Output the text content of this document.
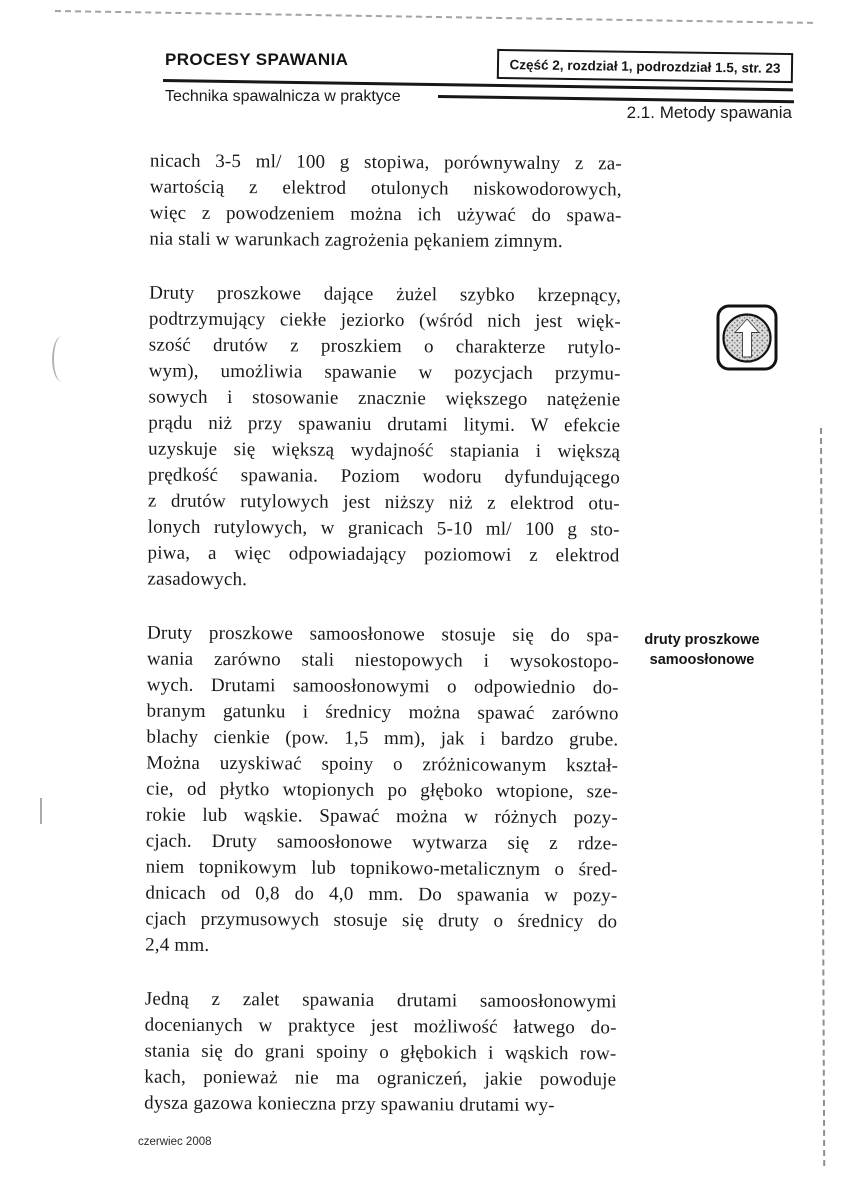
PROCESY SPAWANIA	Część 2, rozdział 1, podrozdział 1.5, str. 23
Technika spawalnicza w praktyce
2.1. Metody spawania
nicach 3-5 ml/ 100 g stopiwa, porównywalny z za-
wartością z elektrod otulonych niskowodorowych,
więc z powodzeniem można ich używać do spawa-
nia stali w warunkach zagrożenia pękaniem zimnym.
Druty proszkowe dające żużel szybko krzepnący,
podtrzymujący ciekłe jeziorko (wśród nich jest więk-
szość drutów z proszkiem o charakterze rutylo-
wym), umożliwia spawanie w pozycjach przymu-
sowych i stosowanie znacznie większego natężenie
prądu niż przy spawaniu drutami litymi. W efekcie
uzyskuje się większą wydajność stapiania i większą
prędkość spawania. Poziom wodoru dyfundującego
z drutów rutylowych jest niższy niż z elektrod otu-
lonych rutylowych, w granicach 5-10 ml/ 100 g sto-
piwa, a więc odpowiadający poziomowi z elektrod
zasadowych.
Druty proszkowe samoosłonowe stosuje się do spa-
wania zarówno stali niestopowych i wysokostopo-
wych. Drutami samoosłonowymi o odpowiednio do-
branym gatunku i średnicy można spawać zarówno
blachy cienkie (pow. 1,5 mm), jak i bardzo grube.
Można uzyskiwać spoiny o zróżnicowanym kształ-
cie, od płytko wtopionych po głęboko wtopione, sze-
rokie lub wąskie. Spawać można w różnych pozy-
cjach. Druty samoosłonowe wytwarza się z rdze-
niem topnikowym lub topnikowo-metalicznym o śred-
dnicach od 0,8 do 4,0 mm. Do spawania w pozy-
cjach przymusowych stosuje się druty o średnicy do
2,4 mm.
Jedną z zalet spawania drutami samoosłonowymi
docenianych w praktyce jest możliwość łatwego do-
stania się do grani spoiny o głębokich i wąskich row-
kach, ponieważ nie ma ograniczeń, jakie powoduje
dysza gazowa konieczna przy spawaniu drutami wy-
druty proszkowe
samoosłonowe
czerwiec 2008
